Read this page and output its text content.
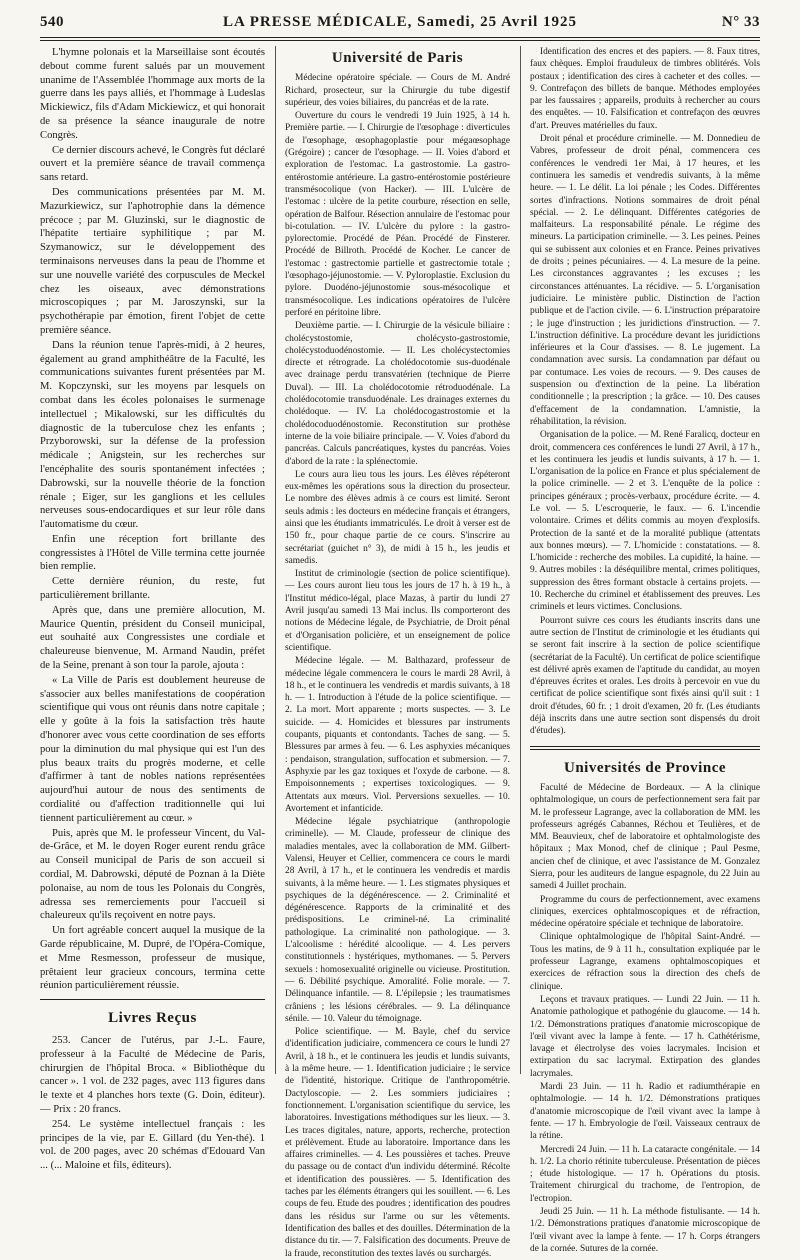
540	LA PRESSE MÉDICALE, Samedi, 25 Avril 1925	N° 33

L'hymne polonais et la Marseillaise sont écoutés debout comme furent salués par un mouvement unanime de l'Assemblée l'hommage aux morts de la guerre dans les pays alliés, et l'hommage à Ludeslas Mickiewicz, fils d'Adam Mickiewicz, et qui honorait de sa présence la séance inaugurale de notre Congrès.

Ce dernier discours achevé, le Congrès fut déclaré ouvert et la première séance de travail commença sans retard.

Des communications présentées par M. M. Mazurkiewicz, sur l'aphotrophie dans la démence précoce ; par M. Gluzinski, sur le diagnostic de l'hépatite tertiaire syphilitique ; par M. Szymanowicz, sur le développement des terminaisons nerveuses dans la peau de l'homme et sur une nouvelle variété des corpuscules de Meckel chez les oiseaux, avec démonstrations microscopiques ; par M. Jaroszynski, sur la psychothérapie par émotion, firent l'objet de cette première séance.

Dans la réunion tenue l'après-midi, à 2 heures, également au grand amphithéâtre de la Faculté, les communications suivantes furent présentées par M. M. Kopczynski, sur les moyens par lesquels on combat dans les écoles polonaises le surmenage intellectuel ; Mikalowski, sur les difficultés du diagnostic de la tuberculose chez les enfants ; Przyborowski, sur la défense de la profession médicale ; Anigstein, sur les recherches sur l'encéphalite des souris spontanément infectées ; Dabrowski, sur la nouvelle théorie de la fonction rénale ; Eiger, sur les ganglions et les cellules nerveuses sous-endocardiques et sur leur rôle dans l'automatisme du cœur.

Enfin une réception fort brillante des congressistes à l'Hôtel de Ville termina cette journée bien remplie.

Cette dernière réunion, du reste, fut particulièrement brillante.

Après que, dans une première allocution, M. Maurice Quentin, président du Conseil municipal, eut souhaité aux Congressistes une cordiale et chaleureuse bienvenue, M. Armand Naudin, préfet de la Seine, prenant à son tour la parole, ajouta :

« La Ville de Paris est doublement heureuse de s'associer aux belles manifestations de coopération scientifique qui vous ont réunis dans notre capitale ; elle y goûte à la fois la satisfaction très haute d'honorer avec vous cette coordination de ses efforts pour la diminution du mal physique qui est l'un des plus beaux traits du progrès moderne, et celle d'affirmer à tant de nobles nations représentées aujourd'hui autour de nous des sentiments de cordialité ou d'affection traditionnelle qui lui tiennent particulièrement au cœur. »

Puis, après que M. le professeur Vincent, du Val-de-Grâce, et M. le doyen Roger eurent rendu grâce au Conseil municipal de Paris de son accueil si cordial, M. Dabrowski, député de Poznan à la Diète polonaise, au nom de tous les Polonais du Congrès, adressa ses remerciements pour l'accueil si chaleureux qu'ils reçoivent en notre pays.

Un fort agréable concert auquel la musique de la Garde républicaine, M. Dupré, de l'Opéra-Comique, et Mme Resmesson, professeur de musique, prêtaient leur gracieux concours, termina cette réunion particulièrement réussie.

Livres Reçus

253. Cancer de l'utérus, par J.-L. Faure, professeur à la Faculté de Médecine de Paris, chirurgien de l'hôpital Broca. « Bibliothèque du cancer ». 1 vol. de 232 pages, avec 113 figures dans le texte et 4 planches hors texte (G. Doin, éditeur). — Prix : 20 francs.

254. Le système intellectuel français : les principes de la vie, par E. Gillard (du Yen-thé). 1 vol. de 200 pages, avec 20 schémas d'Edouard Van ... (... Maloine et fils, éditeurs).

Université de Paris

Médecine opératoire spéciale. — Cours de M. André Richard, prosecteur, sur la Chirurgie du tube digestif supérieur, des voies biliaires, du pancréas et de la rate.

Ouverture du cours le vendredi 19 Juin 1925, à 14 h. Première partie. — I. Chirurgie de l'œsophage : diverticules de l'œsophage, œsophagoplastie pour mégaœsophage (Grégoire) ; cancer de l'œsophage. — II. Voies d'abord et exploration de l'estomac. La gastrostomie. La gastro-entérostomie antérieure. La gastro-entérostomie postérieure transmésocolique (von Hacker). — III. L'ulcère de l'estomac : ulcère de la petite courbure, résection en selle, opération de Balfour. Résection annulaire de l'estomac pour bi-cotulation. — IV. L'ulcère du pylore : la gastro-pylorectomie. Procédé de Péan. Procédé de Finsterer. Procédé de Billroth. Procédé de Kocher. Le cancer de l'estomac : gastrectomie partielle et gastrectomie totale ; l'œsophago-jéjunostomie. — V. Pyloroplastie. Exclusion du pylore. Duodéno-jéjunostomie sous-mésocolique et transmésocolique. Les indications opératoires de l'ulcère perforé en péritoine libre.

Deuxième partie. — I. Chirurgie de la vésicule biliaire : cholécystostomie, cholécysto-gastrostomie, cholécystoduodénostomie. — II. Les cholécystectomies directe et rétrograde. La cholédocotomie sus-duodénale avec drainage perdu transvatérien (technique de Pierre Duval). — III. La cholédocotomie rétroduodénale. La cholédocotomie transduodénale. Les drainages externes du cholédoque. — IV. La cholédocogastrostomie et la cholédocoduodénostomie. Reconstitution sur prothèse interne de la voie biliaire principale. — V. Voies d'abord du pancréas. Calculs pancréatiques, kystes du pancréas. Voies d'abord de la rate : la splénectomie.

Le cours aura lieu tous les jours. Les élèves répéteront eux-mêmes les opérations sous la direction du prosecteur. Le nombre des élèves admis à ce cours est limité. Seront seuls admis : les docteurs en médecine français et étrangers, ainsi que les étudiants immatriculés. Le droit à verser est de 150 fr., pour chaque partie de ce cours. S'inscrire au secrétariat (guichet n° 3), de midi à 15 h., les jeudis et samedis.

Institut de criminologie (section de police scientifique). — Les cours auront lieu tous les jours de 17 h. à 19 h., à l'Institut médico-légal, place Mazas, à partir du lundi 27 Avril jusqu'au samedi 13 Mai inclus. Ils comporteront des notions de Médecine légale, de Psychiatrie, de Droit pénal et d'Organisation policière, et un enseignement de police scientifique.

Médecine légale. — M. Balthazard, professeur de médecine légale commencera le cours le mardi 28 Avril, à 18 h., et le continuera les vendredis et mardis suivants, à 18 h. — 1. Introduction à l'étude de la police scientifique. — 2. La mort. Mort apparente ; morts suspectes. — 3. Le suicide. — 4. Homicides et blessures par instruments coupants, piquants et contondants. Taches de sang. — 5. Blessures par armes à feu. — 6. Les asphyxies mécaniques : pendaison, strangulation, suffocation et submersion. — 7. Asphyxie par les gaz toxiques et l'oxyde de carbone. — 8. Empoisonnements ; expertises toxicologiques. — 9. Attentats aux mœurs. Viol. Perversions sexuelles. — 10. Avortement et infanticide.

Médecine légale psychiatrique (anthropologie criminelle). — M. Claude, professeur de clinique des maladies mentales, avec la collaboration de MM. Gilbert-Valensi, Heuyer et Cellier, commencera ce cours le mardi 28 Avril, à 17 h., et le continuera les vendredis et mardis suivants, à la même heure. — 1. Les stigmates physiques et psychiques de la dégénérescence. — 2. Criminalité et dégénérescence. Rapports de la criminalité et des prédispositions. Le criminel-né. La criminalité pathologique. La criminalité non pathologique. — 3. L'alcoolisme : hérédité alcoolique. — 4. Les pervers constitutionnels : hystériques, mythomanes. — 5. Pervers sexuels : homosexualité originelle ou vicieuse. Prostitution. — 6. Débilité psychique. Amoralité. Folie morale. — 7. Délinquance infantile. — 8. L'épilepsie ; les traumatismes crâniens ; les lésions cérébrales. — 9. La délinquance sénile. — 10. Valeur du témoignage.

Police scientifique. — M. Bayle, chef du service d'identification judiciaire, commencera ce cours le lundi 27 Avril, à 18 h., et le continuera les jeudis et lundis suivants, à la même heure. — 1. Identification judiciaire ; le service de l'identité, historique. Critique de l'anthropométrie. Dactyloscopie. — 2. Les sommiers judiciaires ; fonctionnement. L'organisation scientifique du service, les laboratoires. Investigations méthodiques sur les lieux. — 3. Les traces digitales, nature, apports, recherche, protection et prélèvement. Etude au laboratoire. Importance dans les affaires criminelles. — 4. Les poussières et taches. Preuve du passage ou de contact d'un individu déterminé. Récolte et identification des poussières. — 5. Identification des taches par les éléments étrangers qui les souillent. — 6. Les coups de feu. Etude des poudres ; identification des poudres dans les résidus sur l'arme ou sur les vêtements. Identification des balles et des douilles. Détermination de la distance du tir. — 7. Falsification des documents. Preuve de la fraude, reconstitution des textes lavés ou surchargés.

Identification des encres et des papiers. — 8. Faux titres, faux chèques. Emploi frauduleux de timbres oblitérés. Vols postaux ; identification des cires à cacheter et des colles. — 9. Contrefaçon des billets de banque. Méthodes employées par les faussaires ; appareils, produits à rechercher au cours des enquêtes. — 10. Falsification et contrefaçon des œuvres d'art. Preuves matérielles du faux.

Droit pénal et procédure criminelle. — M. Donnedieu de Vabres, professeur de droit pénal, commencera ces conférences le vendredi 1er Mai, à 17 heures, et les continuera les samedis et vendredis suivants, à la même heure. — 1. Le délit. La loi pénale ; les Codes. Différentes sortes d'infractions. Notions sommaires de droit pénal spécial. — 2. Le délinquant. Différentes catégories de malfaiteurs. La responsabilité pénale. Le régime des mineurs. La participation criminelle. — 3. Les peines. Peines qui se subissent aux colonies et en France. Peines privatives de droits ; peines pécuniaires. — 4. La mesure de la peine. Les circonstances aggravantes ; les excuses ; les circonstances atténuantes. La récidive. — 5. L'organisation judiciaire. Le ministère public. Distinction de l'action publique et de l'action civile. — 6. L'instruction préparatoire ; le juge d'instruction ; les juridictions d'instruction. — 7. L'instruction définitive. La procédure devant les juridictions inférieures et la Cour d'assises. — 8. Le jugement. La condamnation avec sursis. La condamnation par défaut ou par contumace. Les voies de recours. — 9. Des causes de suspension ou d'extinction de la peine. La libération conditionnelle ; la prescription ; la grâce. — 10. Des causes d'effacement de la condamnation. L'amnistie, la réhabilitation, la révision.

Organisation de la police. — M. René Faralicq, docteur en droit, commencera ces conférences le lundi 27 Avril, à 17 h., et les continuera les jeudis et lundis suivants, à 17 h. — 1. L'organisation de la police en France et plus spécialement de la police criminelle. — 2 et 3. L'enquête de la police : principes généraux ; procès-verbaux, procédure écrite. — 4. Le vol. — 5. L'escroquerie, le faux. — 6. L'incendie volontaire. Crimes et délits commis au moyen d'explosifs. Protection de la santé et de la moralité publique (attentats aux bonnes mœurs). — 7. L'homicide : constatations. — 8. L'homicide : recherche des mobiles. La cupidité, la haine. — 9. Autres mobiles : la déséquilibre mental, crimes politiques, suppression des êtres formant obstacle à certains projets. — 10. Recherche du criminel et établissement des preuves. Les criminels et leurs victimes. Conclusions.

Pourront suivre ces cours les étudiants inscrits dans une autre section de l'Institut de criminologie et les étudiants qui se seront fait inscrire à la section de police scientifique (secrétariat de la Faculté). Un certificat de police scientifique est délivré après examen de l'aptitude du candidat, au moyen d'épreuves écrites et orales. Les droits à percevoir en vue du certificat de police scientifique sont fixés ainsi qu'il suit : 1 droit d'études, 60 fr. ; 1 droit d'examen, 20 fr. (Les étudiants déjà inscrits dans une autre section sont dispensés du droit d'études).

Universités de Province

Faculté de Médecine de Bordeaux. — A la clinique ophtalmologique, un cours de perfectionnement sera fait par M. le professeur Lagrange, avec la collaboration de MM. les professeurs agrégés Cabannes, Réchou et Teulières, et de MM. Beauvieux, chef de laboratoire et ophtalmologiste des hôpitaux ; Max Monod, chef de clinique ; Paul Pesme, ancien chef de clinique, et avec l'assistance de M. Gonzalez Sierra, pour les auditeurs de langue espagnole, du 22 Juin au samedi 4 Juillet prochain.

Programme du cours de perfectionnement, avec examens cliniques, exercices ophtalmoscopiques et de réfraction, médecine opératoire spéciale et technique de laboratoire.

Clinique ophtalmologique de l'hôpital Saint-André. — Tous les matins, de 9 à 11 h., consultation expliquée par le professeur Lagrange, examens ophtalmoscopiques et exercices de réfraction sous la direction des chefs de clinique.

Leçons et travaux pratiques. — Lundi 22 Juin. — 11 h. Anatomie pathologique et pathogénie du glaucome. — 14 h. 1/2. Démonstrations pratiques d'anatomie microscopique de l'œil vivant avec la lampe à fente. — 17 h. Cathétérisme, lavage et électrolyse des voies lacrymales. Incision et extirpation du sac lacrymal. Extirpation des glandes lacrymales.

Mardi 23 Juin. — 11 h. Radio et radiumthérapie en ophtalmologie. — 14 h. 1/2. Démonstrations pratiques d'anatomie microscopique de l'œil vivant avec la lampe à fente. — 17 h. Embryologie de l'œil. Vaisseaux centraux de la rétine.

Mercredi 24 Juin. — 11 h. La cataracte congénitale. — 14 h. 1/2. La chorio rétinite tuberculeuse. Présentation de pièces ; étude histologique. — 17 h. Opérations du ptosis. Traitement chirurgical du trachome, de l'entropion, de l'ectropion.

Jeudi 25 Juin. — 11 h. La méthode fistulisante. — 14 h. 1/2. Démonstrations pratiques d'anatomie microscopique de l'œil vivant avec la lampe à fente. — 17 h. Corps étrangers de la cornée. Sutures de la cornée.
